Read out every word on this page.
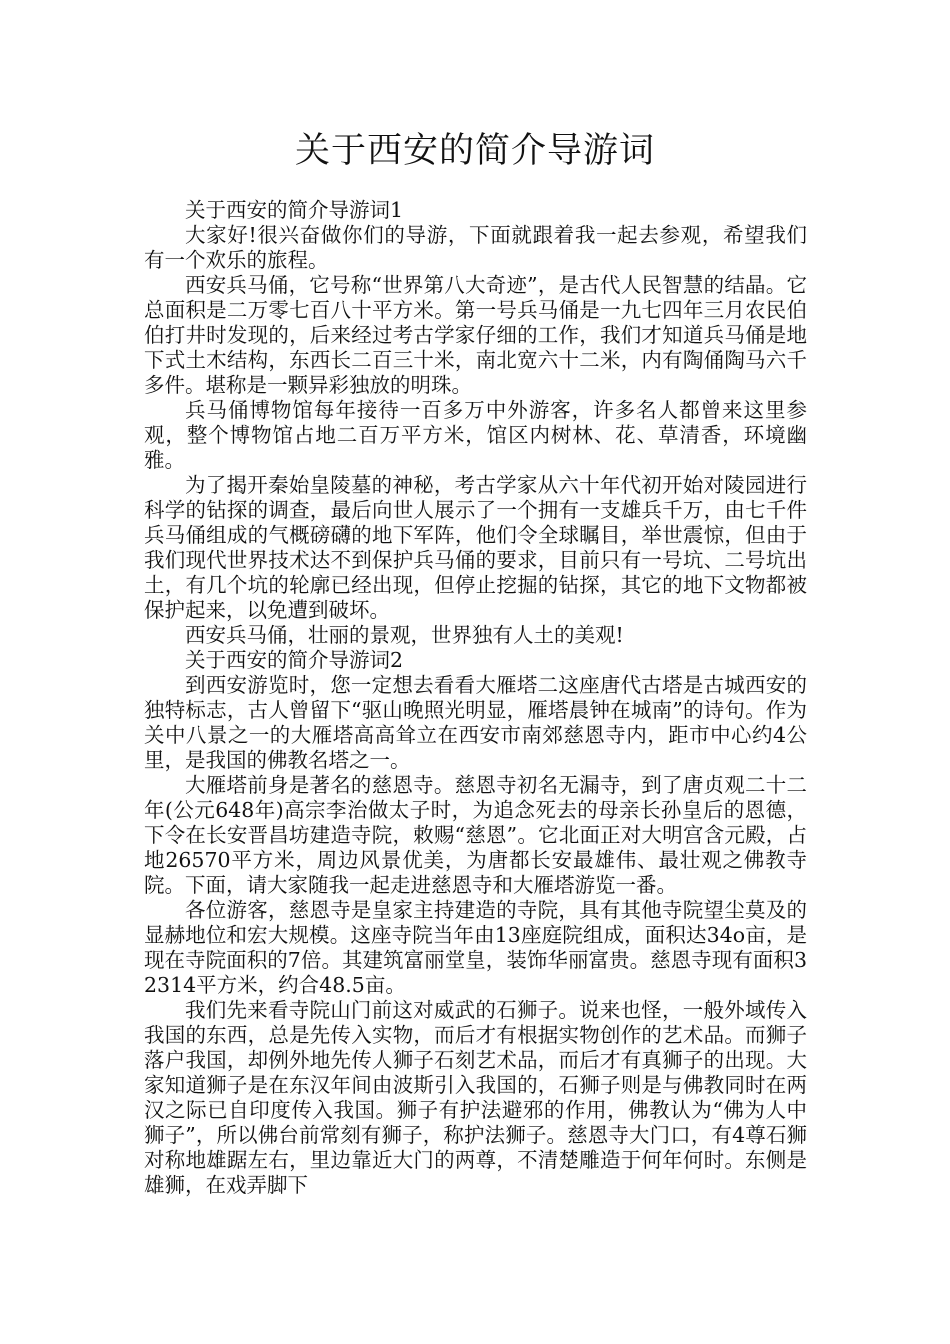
关于西安的简介导游词

关于西安的简介导游词1

大家好!很兴奋做你们的导游，下面就跟着我一起去参观，希望我们有一个欢乐的旅程。

西安兵马俑，它号称“世界第八大奇迹”，是古代人民智慧的结晶。它总面积是二万零七百八十平方米。第一号兵马俑是一九七四年三月农民伯伯打井时发现的，后来经过考古学家仔细的工作，我们才知道兵马俑是地下式土木结构，东西长二百三十米，南北宽六十二米，内有陶俑陶马六千多件。堪称是一颗异彩独放的明珠。

兵马俑博物馆每年接待一百多万中外游客，许多名人都曾来这里参观，整个博物馆占地二百万平方米，馆区内树林、花、草清香，环境幽雅。

为了揭开秦始皇陵墓的神秘，考古学家从六十年代初开始对陵园进行科学的钻探的调查，最后向世人展示了一个拥有一支雄兵千万，由七千件兵马俑组成的气概磅礴的地下军阵，他们令全球瞩目，举世震惊，但由于我们现代世界技术达不到保护兵马俑的要求，目前只有一号坑、二号坑出土，有几个坑的轮廓已经出现，但停止挖掘的钻探，其它的地下文物都被保护起来，以免遭到破坏。

西安兵马俑，壮丽的景观，世界独有人土的美观!

关于西安的简介导游词2

到西安游览时，您一定想去看看大雁塔二这座唐代古塔是古城西安的独特标志，古人曾留下“驱山晚照光明显，雁塔晨钟在城南”的诗句。作为关中八景之一的大雁塔高高耸立在西安市南郊慈恩寺内，距市中心约4公里，是我国的佛教名塔之一。

大雁塔前身是著名的慈恩寺。慈恩寺初名无漏寺，到了唐贞观二十二年(公元648年)高宗李治做太子时，为追念死去的母亲长孙皇后的恩德，下令在长安晋昌坊建造寺院，敕赐“慈恩”。它北面正对大明宫含元殿，占地26570平方米，周边风景优美，为唐都长安最雄伟、最壮观之佛教寺院。下面，请大家随我一起走进慈恩寺和大雁塔游览一番。

各位游客，慈恩寺是皇家主持建造的寺院，具有其他寺院望尘莫及的显赫地位和宏大规模。这座寺院当年由13座庭院组成，面积达34o亩，是现在寺院面积的7倍。其建筑富丽堂皇，装饰华丽富贵。慈恩寺现有面积32314平方米，约合48.5亩。

我们先来看寺院山门前这对威武的石狮子。说来也怪，一般外域传入我国的东西，总是先传入实物，而后才有根据实物创作的艺术品。而狮子落户我国，却例外地先传人狮子石刻艺术品，而后才有真狮子的出现。大家知道狮子是在东汉年间由波斯引入我国的，石狮子则是与佛教同时在两汉之际已自印度传入我国。狮子有护法避邪的作用，佛教认为“佛为人中狮子”，所以佛台前常刻有狮子，称护法狮子。慈恩寺大门口，有4尊石狮对称地雄踞左右，里边靠近大门的两尊，不清楚雕造于何年何时。东侧是雄狮，在戏弄脚下
